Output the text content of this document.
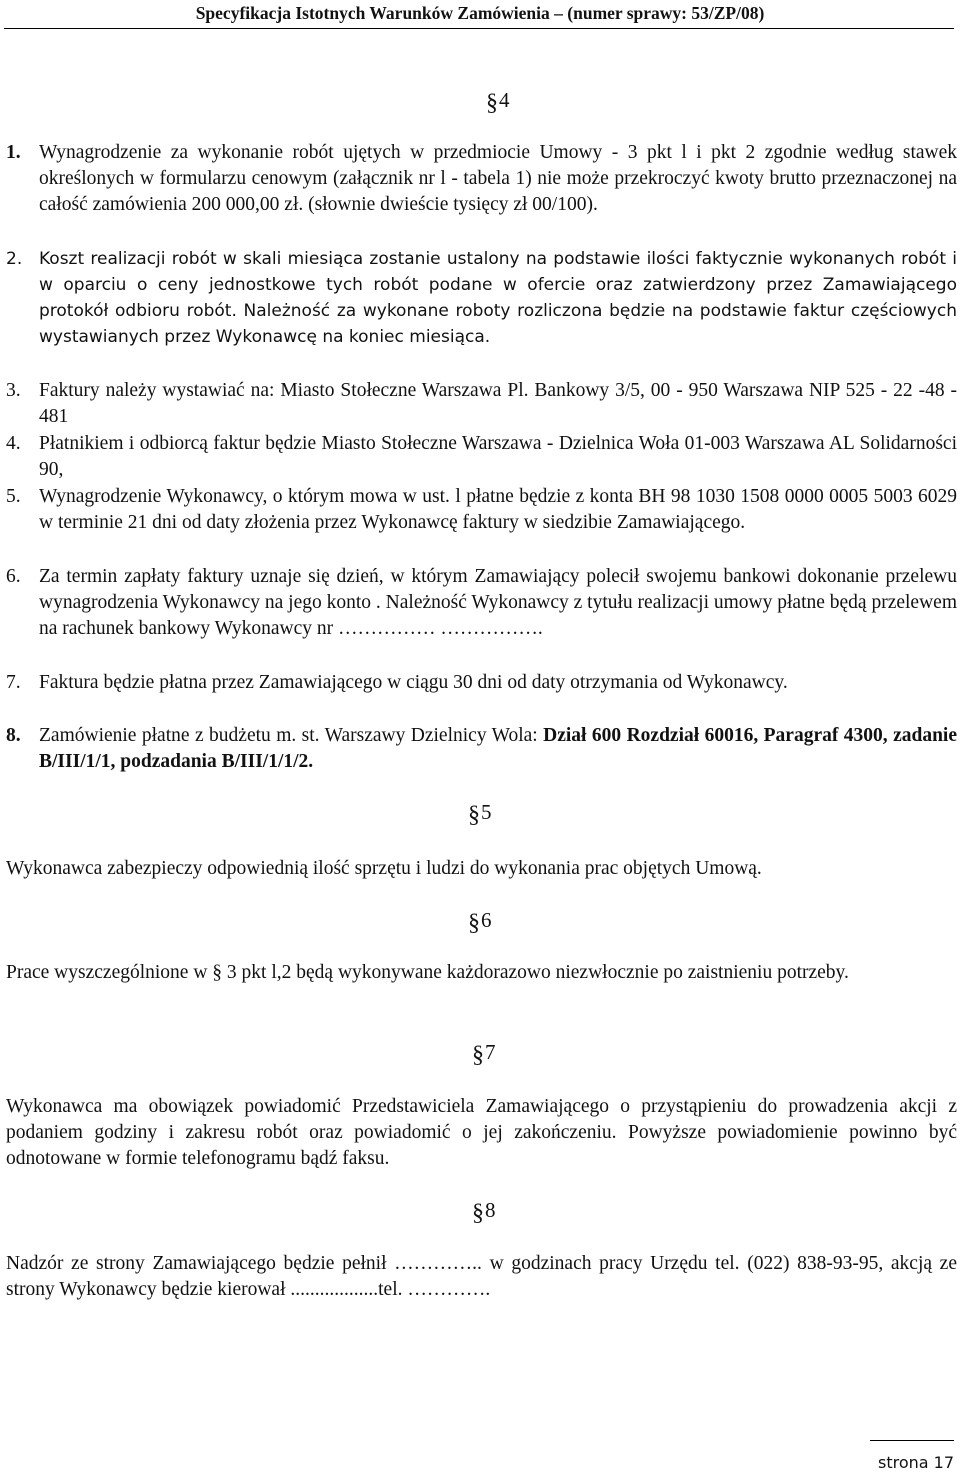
Specyfikacja Istotnych Warunków Zamówienia – (numer sprawy: 53/ZP/08)
§4
1. Wynagrodzenie za wykonanie robót ujętych w przedmiocie Umowy - 3 pkt l i pkt 2 zgodnie według stawek określonych w formularzu cenowym (załącznik nr l - tabela 1) nie może przekroczyć kwoty brutto przeznaczonej na całość zamówienia 200 000,00 zł. (słownie dwieście tysięcy zł 00/100).
2. Koszt realizacji robót w skali miesiąca zostanie ustalony na podstawie ilości faktycznie wykonanych robót i w oparciu o ceny jednostkowe tych robót podane w ofercie oraz zatwierdzony przez Zamawiającego protokół odbioru robót. Należność za wykonane roboty rozliczona będzie na podstawie faktur częściowych wystawianych przez Wykonawcę na koniec miesiąca.
3. Faktury należy wystawiać na: Miasto Stołeczne Warszawa Pl. Bankowy 3/5, 00 - 950 Warszawa NIP 525 - 22 -48 - 481
4. Płatnikiem i odbiorcą faktur będzie Miasto Stołeczne Warszawa - Dzielnica Woła 01-003 Warszawa AL Solidarności 90,
5. Wynagrodzenie Wykonawcy, o którym mowa w ust. l płatne będzie z konta BH 98 1030 1508 0000 0005 5003 6029 w terminie 21 dni od daty złożenia przez Wykonawcę faktury w siedzibie Zamawiającego.
6. Za termin zapłaty faktury uznaje się dzień, w którym Zamawiający polecił swojemu bankowi dokonanie przelewu wynagrodzenia Wykonawcy na jego konto . Należność Wykonawcy z tytułu realizacji umowy płatne będą przelewem na rachunek bankowy Wykonawcy nr …………… …………….
7. Faktura będzie płatna przez Zamawiającego w ciągu 30 dni od daty otrzymania od Wykonawcy.
8. Zamówienie płatne z budżetu m. st. Warszawy Dzielnicy Wola: Dział 600 Rozdział 60016, Paragraf 4300, zadanie B/III/1/1, podzadania B/III/1/1/2.
§5
Wykonawca zabezpieczy odpowiednią ilość sprzętu i ludzi do wykonania prac objętych Umową.
§6
Prace wyszczególnione w § 3 pkt l,2 będą wykonywane każdorazowo niezwłocznie po zaistnieniu potrzeby.
§7
Wykonawca ma obowiązek powiadomić Przedstawiciela Zamawiającego o przystąpieniu do prowadzenia akcji z podaniem godziny i zakresu robót oraz powiadomić o jej zakończeniu. Powyższe powiadomienie powinno być odnotowane w formie telefonogramu bądź faksu.
§8
Nadzór ze strony Zamawiającego będzie pełnił ………….. w godzinach pracy Urzędu tel. (022) 838-93-95, akcją ze strony Wykonawcy będzie kierował ..................tel. ………….
strona 17
